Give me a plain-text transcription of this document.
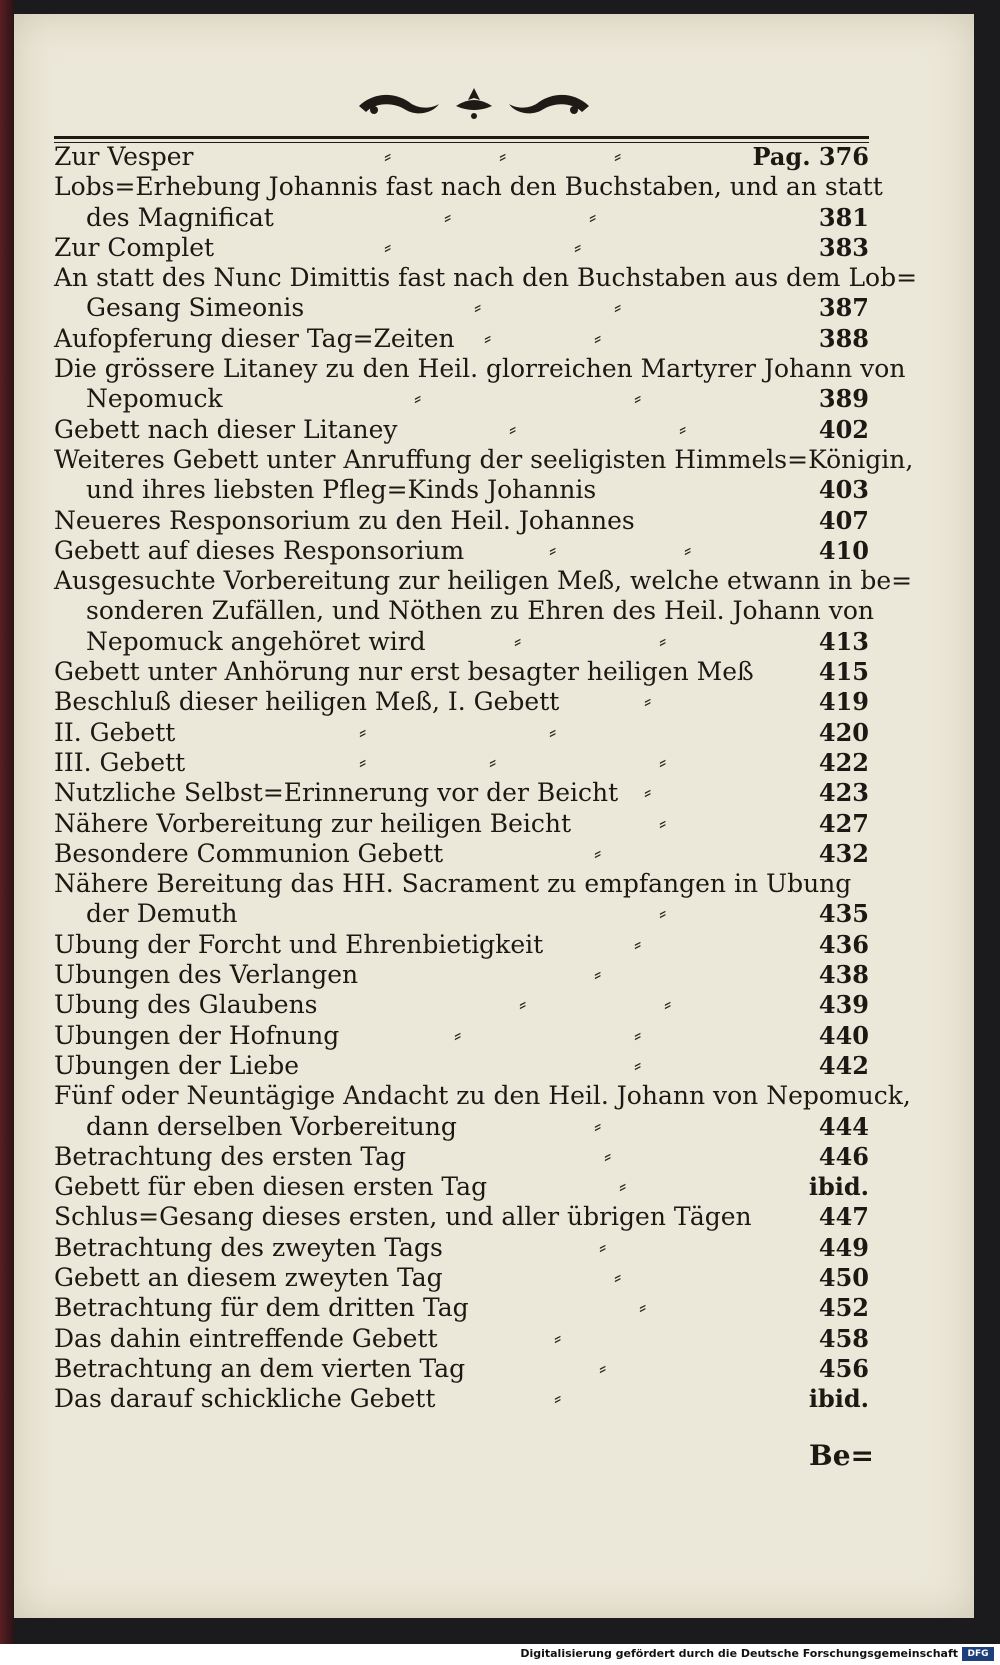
Zur Vesper	⸗	⸗	⸗	Pag. 376
Lobs=Erhebung Johannis fast nach den Buchstaben, und an statt
des Magnificat	⸗	⸗	381
Zur Complet	⸗	⸗	383
An statt des Nunc Dimittis fast nach den Buchstaben aus dem Lob=
Gesang Simeonis	⸗	⸗	387
Aufopferung dieser Tag=Zeiten ⸗	⸗	388
Die grössere Litaney zu den Heil. glorreichen Martyrer Johann von
Nepomuck	⸗	⸗	389
Gebett nach dieser Litaney	⸗	⸗	402
Weiteres Gebett unter Anruffung der seeligisten Himmels=Königin,
und ihres liebsten Pfleg=Kinds Johannis	403
Neueres Responsorium zu den Heil. Johannes	407
Gebett auf dieses Responsorium	⸗	⸗	410
Ausgesuchte Vorbereitung zur heiligen Meß, welche etwann in be=
sonderen Zufällen, und Nöthen zu Ehren des Heil. Johann von
Nepomuck angehöret wird	⸗	⸗	413
Gebett unter Anhörung nur erst besagter heiligen Meß	415
Beschluß dieser heiligen Meß, I. Gebett	⸗	419
II. Gebett	⸗	⸗	420
III. Gebett	⸗	⸗	⸗	422
Nutzliche Selbst=Erinnerung vor der Beicht ⸗	423
Nähere Vorbereitung zur heiligen Beicht	⸗	427
Besondere Communion Gebett	⸗	432
Nähere Bereitung das HH. Sacrament zu empfangen in Ubung
der Demuth	⸗	435
Ubung der Forcht und Ehrenbietigkeit	⸗	436
Ubungen des Verlangen	⸗	438
Ubung des Glaubens	⸗	⸗	439
Ubungen der Hofnung	⸗	⸗	440
Ubungen der Liebe	⸗	442
Fünf oder Neuntägige Andacht zu den Heil. Johann von Nepomuck,
dann derselben Vorbereitung	⸗	444
Betrachtung des ersten Tag	⸗	446
Gebett für eben diesen ersten Tag	⸗	ibid.
Schlus=Gesang dieses ersten, und aller übrigen Tägen	447
Betrachtung des zweyten Tags	⸗	449
Gebett an diesem zweyten Tag	⸗	450
Betrachtung für dem dritten Tag	⸗	452
Das dahin eintreffende Gebett	⸗	458
Betrachtung an dem vierten Tag	⸗	456
Das darauf schickliche Gebett	⸗	ibid.
Be=
Digitalisierung gefördert durch die Deutsche Forschungsgemeinschaft	DFG
